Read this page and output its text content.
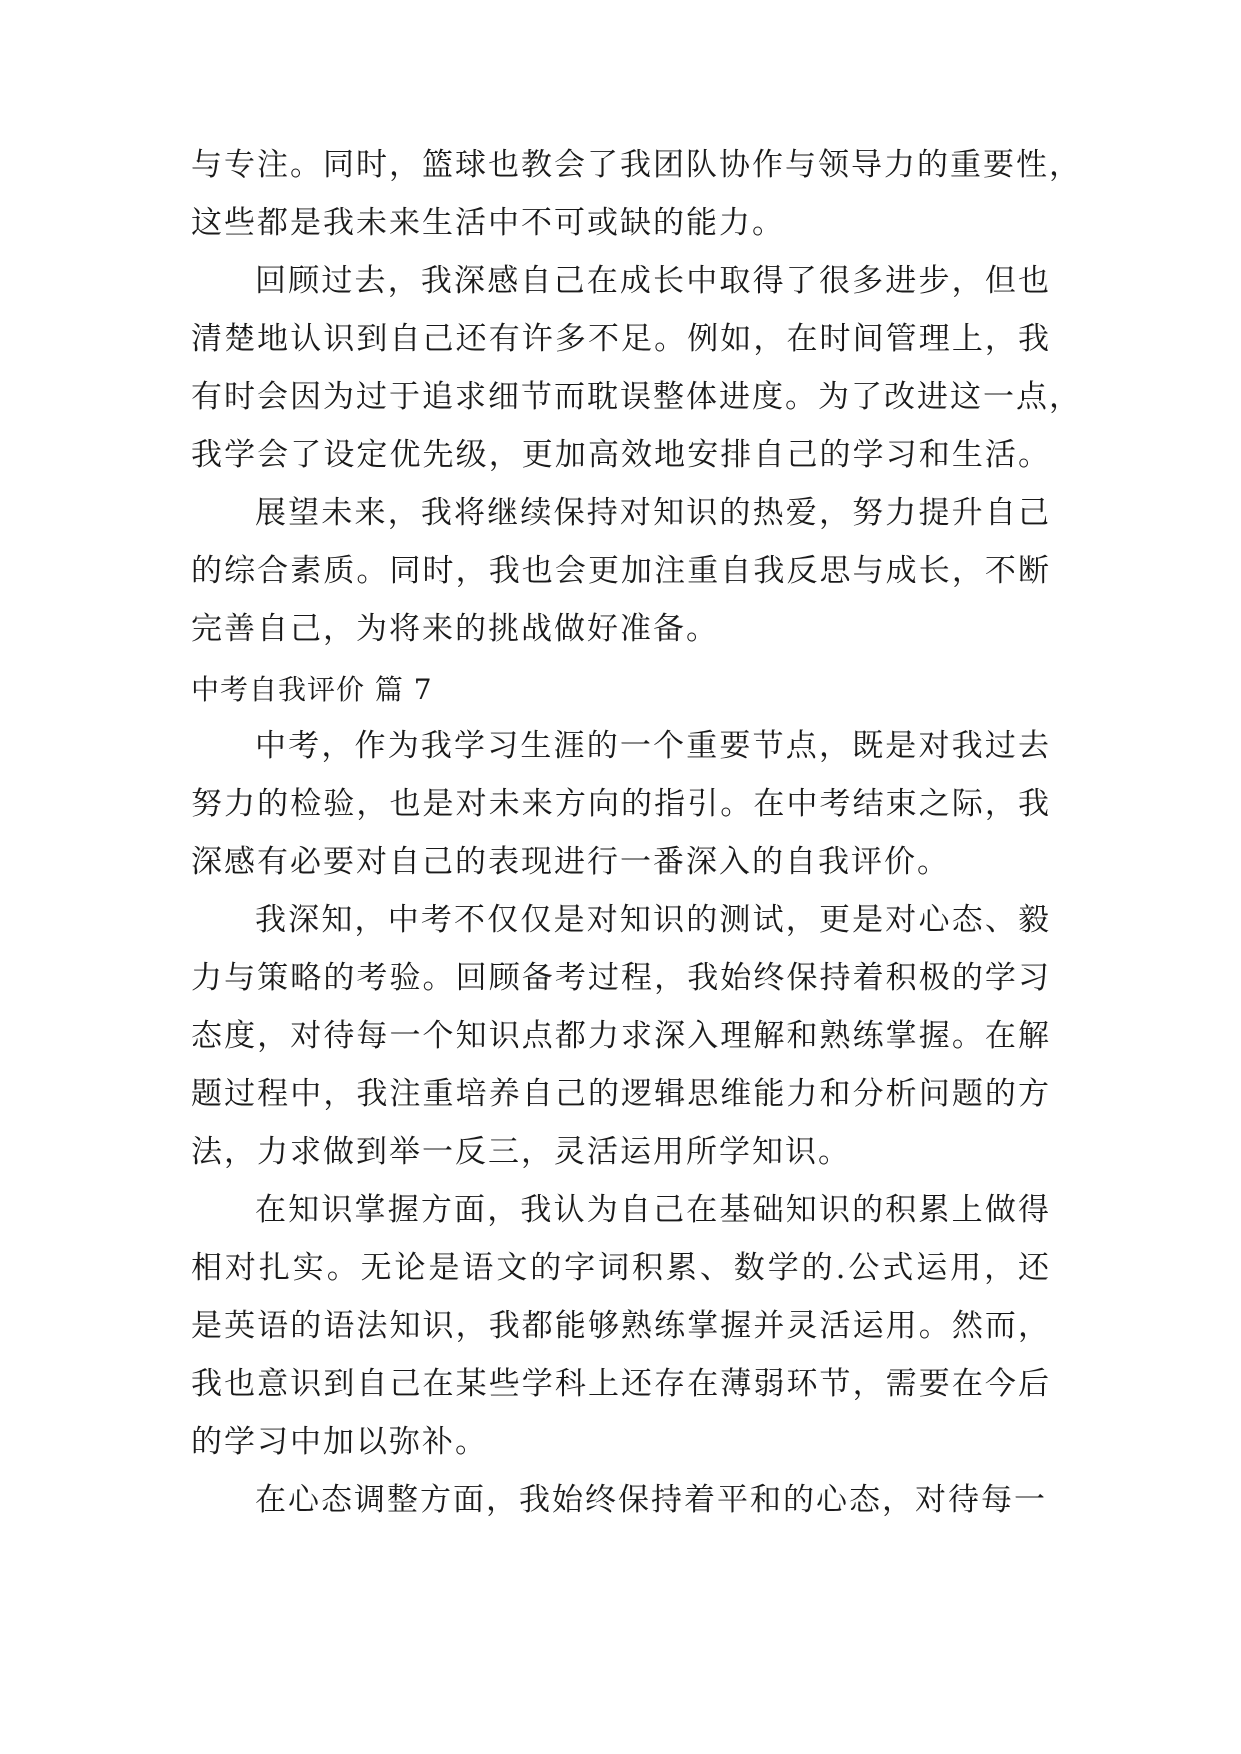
与专注。同时，篮球也教会了我团队协作与领导力的重要性，
这些都是我未来生活中不可或缺的能力。
回顾过去，我深感自己在成长中取得了很多进步，但也
清楚地认识到自己还有许多不足。例如，在时间管理上，我
有时会因为过于追求细节而耽误整体进度。为了改进这一点，
我学会了设定优先级，更加高效地安排自己的学习和生活。
展望未来，我将继续保持对知识的热爱，努力提升自己
的综合素质。同时，我也会更加注重自我反思与成长，不断
完善自己，为将来的挑战做好准备。
中考自我评价 篇 7
中考，作为我学习生涯的一个重要节点，既是对我过去
努力的检验，也是对未来方向的指引。在中考结束之际，我
深感有必要对自己的表现进行一番深入的自我评价。
我深知，中考不仅仅是对知识的测试，更是对心态、毅
力与策略的考验。回顾备考过程，我始终保持着积极的学习
态度，对待每一个知识点都力求深入理解和熟练掌握。在解
题过程中，我注重培养自己的逻辑思维能力和分析问题的方
法，力求做到举一反三，灵活运用所学知识。
在知识掌握方面，我认为自己在基础知识的积累上做得
相对扎实。无论是语文的字词积累、数学的.公式运用，还
是英语的语法知识，我都能够熟练掌握并灵活运用。然而，
我也意识到自己在某些学科上还存在薄弱环节，需要在今后
的学习中加以弥补。
在心态调整方面，我始终保持着平和的心态，对待每一
